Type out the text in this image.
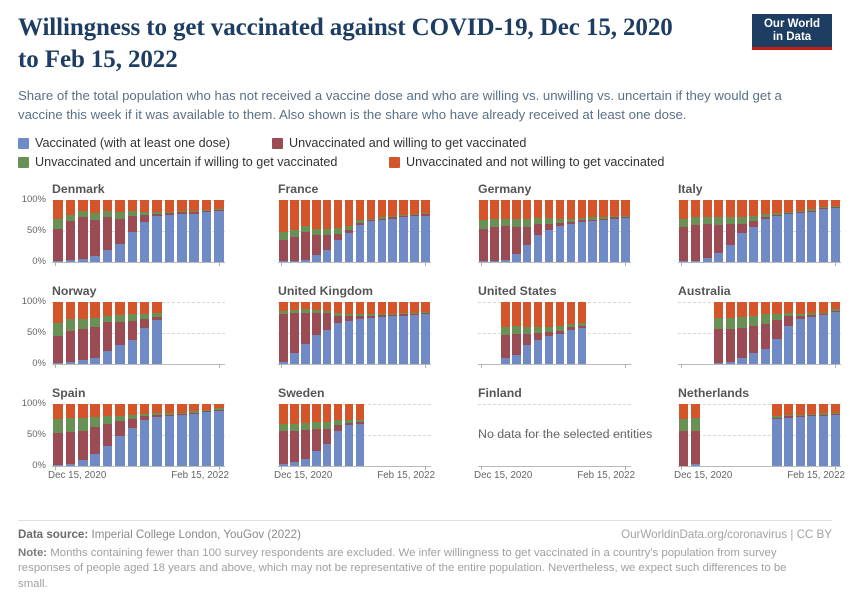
Willingness to get vaccinated against COVID-19, Dec 15, 2020 to Feb 15, 2022

Share of the total population who has not received a vaccine dose and who are willing vs. unwilling vs. uncertain if they would get a vaccine this week if it was available to them. Also shown is the share who have already received at least one dose.

Our World
in Data
Vaccinated (with at least one dose)	Unvaccinated and willing to get vaccinated
Unvaccinated and uncertain if willing to get vaccinated	Unvaccinated and not willing to get vaccinated
Denmark
100%
50%
0%
France	Germany	Italy
Norway
100%
50%
0%
United Kingdom	United States	Australia
Spain
100%
50%
0%
Dec 15, 2020	Feb 15, 2022
Sweden
Dec 15, 2020	Feb 15, 2022
Finland
No data for the selected entities
Dec 15, 2020	Feb 15, 2022
Netherlands
Dec 15, 2020	Feb 15, 2022
Data source: Imperial College London, YouGov (2022)	OurWorldinData.org/coronavirus | CC BY
Note: Months containing fewer than 100 survey respondents are excluded. We infer willingness to get vaccinated in a country's population from survey responses of people aged 18 years and above, which may not be representative of the entire population. Nevertheless, we expect such differences to be small.
